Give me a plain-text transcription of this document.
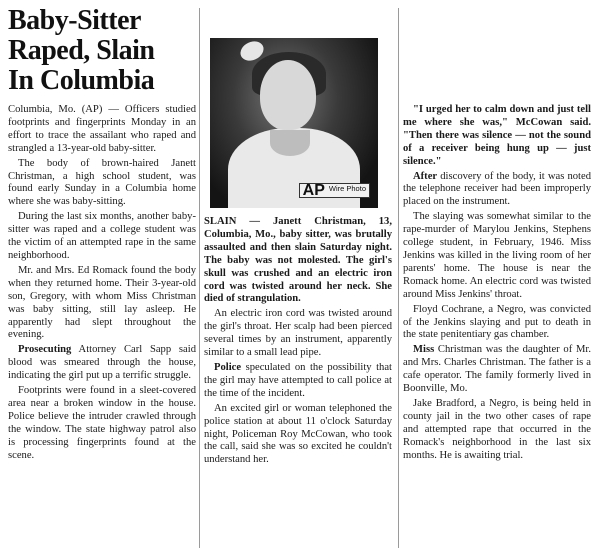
Baby-Sitter
Raped, Slain
In Columbia

Columbia, Mo. (AP) — Officers studied footprints and fingerprints Monday in an effort to trace the assailant who raped and strangled a 13-year-old baby-sitter.

The body of brown-haired Janett Christman, a high school student, was found early Sunday in a Columbia home where she was baby-sitting.

During the last six months, another baby-sitter was raped and a college student was the victim of an attempted rape in the same neighborhood.

Mr. and Mrs. Ed Romack found the body when they returned home. Their 3-year-old son, Gregory, with whom Miss Christman was baby sitting, still lay asleep. He apparently had slept throughout the evening.

Prosecuting Attorney Carl Sapp said blood was smeared through the house, indicating the girl put up a terrific struggle.

Footprints were found in a sleet-covered area near a broken window in the house. Police believe the intruder crawled through the window. The state highway patrol also is processing fingerprints found at the scene.

AP Wire Photo

SLAIN — Janett Christman, 13, Columbia, Mo., baby sitter, was brutally assaulted and then slain Saturday night. The baby was not molested. The girl's skull was crushed and an electric iron cord was twisted around her neck. She died of strangulation.

An electric iron cord was twisted around the girl's throat. Her scalp had been pierced several times by an instrument, apparently similar to a small lead pipe.

Police speculated on the possibility that the girl may have attempted to call police at the time of the incident.

An excited girl or woman telephoned the police station at about 11 o'clock Saturday night, Policeman Roy McCowan, who took the call, said she was so excited he couldn't understand her.

"I urged her to calm down and just tell me where she was," McCowan said. "Then there was silence — not the sound of a receiver being hung up — just silence."

After discovery of the body, it was noted the telephone receiver had been improperly placed on the instrument.

The slaying was somewhat similar to the rape-murder of Marylou Jenkins, Stephens college student, in February, 1946. Miss Jenkins was killed in the living room of her parents' home. The house is near the Romack home. An electric cord was twisted around Miss Jenkins' throat.

Floyd Cochrane, a Negro, was convicted of the Jenkins slaying and put to death in the state penitentiary gas chamber.

Miss Christman was the daughter of Mr. and Mrs. Charles Christman. The father is a cafe operator. The family formerly lived in Boonville, Mo.

Jake Bradford, a Negro, is being held in county jail in the two other cases of rape and attempted rape that occurred in the Romack's neighborhood in the last six months. He is awaiting trial.
